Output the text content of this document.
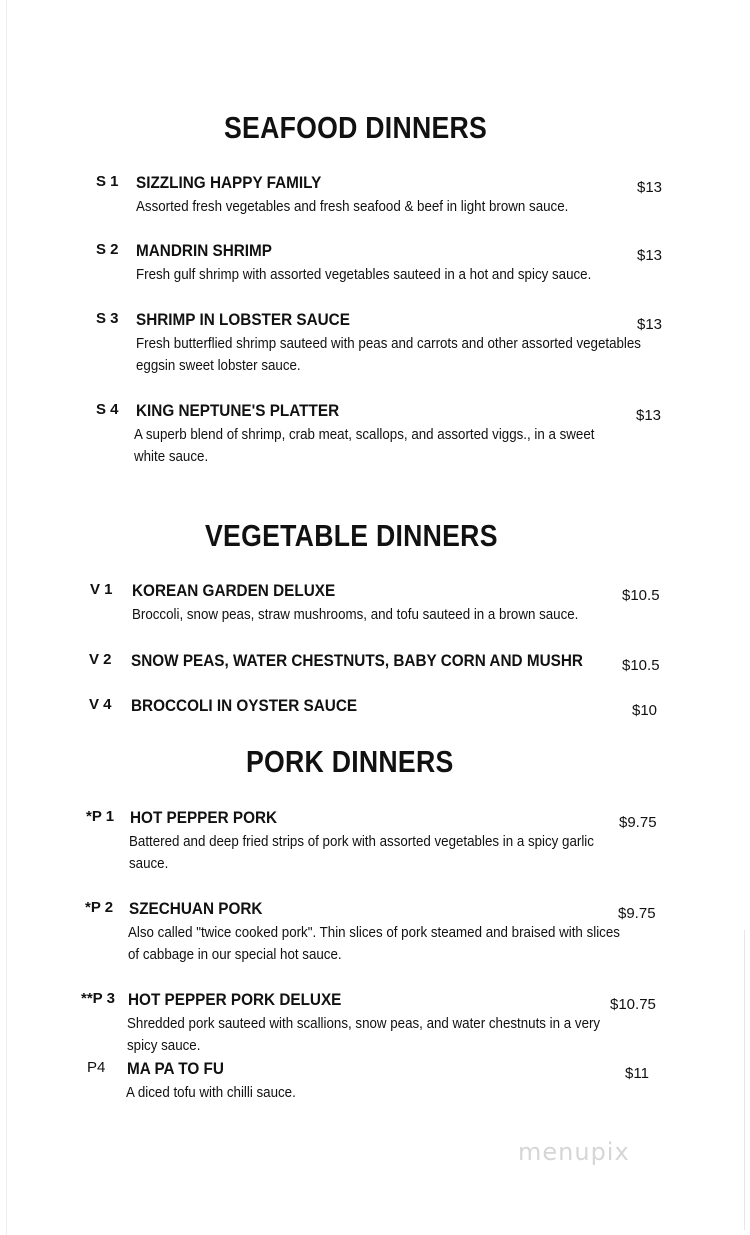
SEAFOOD DINNERS
S 1 SIZZLING HAPPY FAMILY	$13
Assorted fresh vegetables and fresh seafood & beef in light brown sauce.
S 2 MANDRIN SHRIMP	$13
Fresh gulf shrimp with assorted vegetables sauteed in a hot and spicy sauce.
S 3 SHRIMP IN LOBSTER SAUCE	$13
Fresh butterflied shrimp sauteed with peas and carrots and other assorted vegetables
eggsin sweet lobster sauce.
S 4 KING NEPTUNE'S PLATTER	$13
A superb blend of shrimp, crab meat, scallops, and assorted viggs., in a sweet
white sauce.
VEGETABLE DINNERS
V 1 KOREAN GARDEN DELUXE	$10.5
Broccoli, snow peas, straw mushrooms, and tofu sauteed in a brown sauce.
V 2 SNOW PEAS, WATER CHESTNUTS, BABY CORN AND MUSHR	$10.5
V 4 BROCCOLI IN OYSTER SAUCE	$10
PORK DINNERS
*P 1 HOT PEPPER PORK	$9.75
Battered and deep fried strips of pork with assorted vegetables in a spicy garlic
sauce.
*P 2 SZECHUAN PORK	$9.75
Also called "twice cooked pork". Thin slices of pork steamed and braised with slices
of cabbage in our special hot sauce.
**P 3 HOT PEPPER PORK DELUXE	$10.75
Shredded pork sauteed with scallions, snow peas, and water chestnuts in a very
spicy sauce.
P4 MA PA TO FU	$11
A diced tofu with chilli sauce.
menupix
